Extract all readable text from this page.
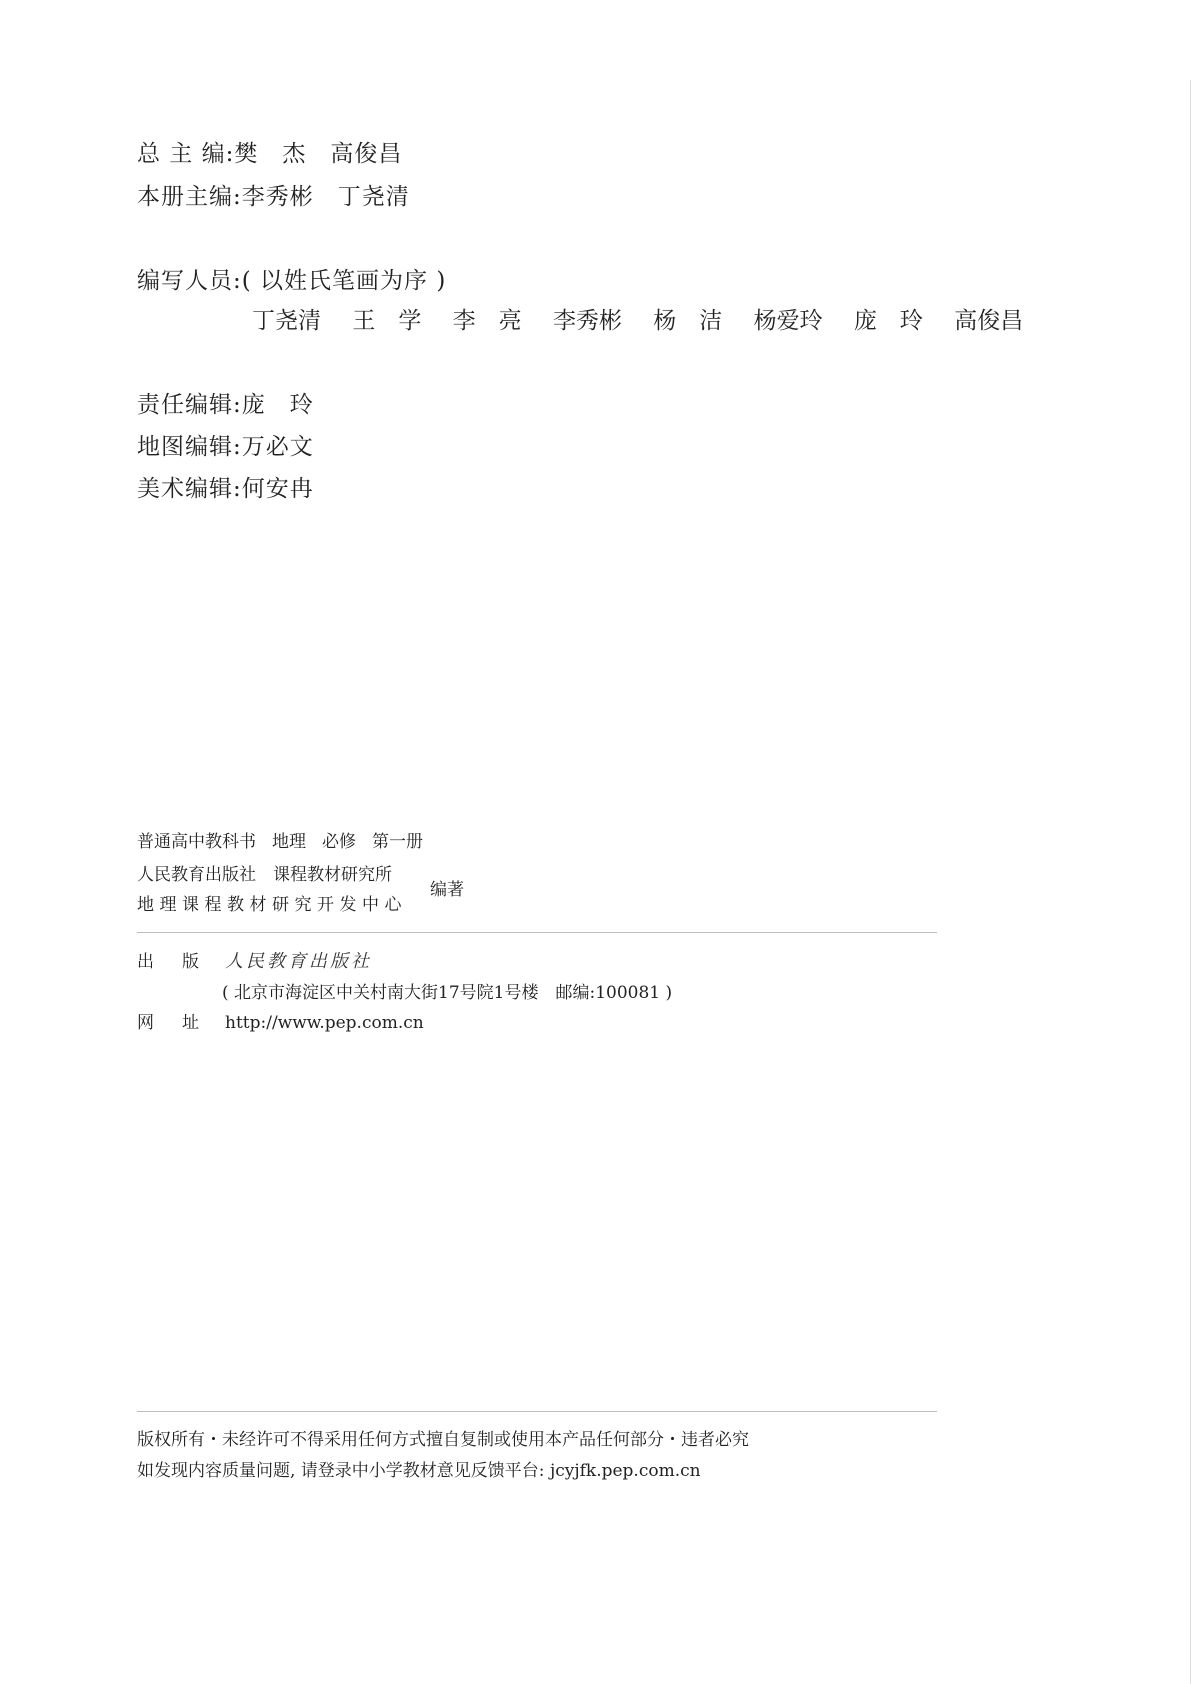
总 主 编:樊　杰　高俊昌
本册主编:李秀彬　丁尧清
编写人员:( 以姓氏笔画为序 )
丁尧清 王　学 李　亮 李秀彬 杨　洁 杨爱玲 庞　玲 高俊昌
责任编辑:庞　玲
地图编辑:万必文
美术编辑:何安冉
普通高中教科书 地理 必修 第一册
人民教育出版社　课程教材研究所
地理课程教材研究开发中心
编著
出版人民教育出版社
( 北京市海淀区中关村南大街17号院1号楼　邮编:100081 )
网址http://www.pep.com.cn
版权所有・未经许可不得采用任何方式擅自复制或使用本产品任何部分・违者必究
如发现内容质量问题, 请登录中小学教材意见反馈平台: jcyjfk.pep.com.cn
